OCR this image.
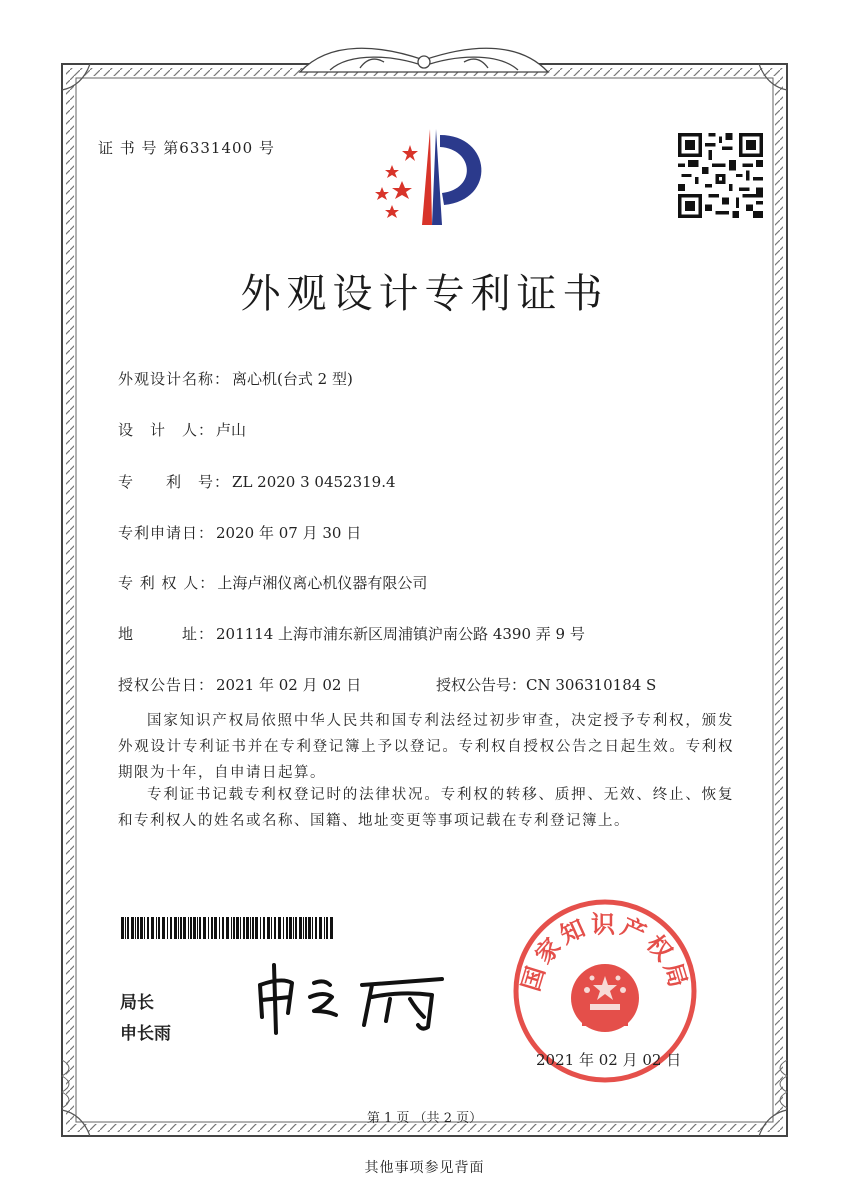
证 书 号 第6331400 号
外观设计专利证书
外观设计名称： 离心机(台式 2 型)
设　计　人： 卢山
专　　利　号： ZL 2020 3 0452319.4
专利申请日： 2020 年 07 月 30 日
专 利 权 人： 上海卢湘仪离心机仪器有限公司
地　　　址： 201114 上海市浦东新区周浦镇沪南公路 4390 弄 9 号
授权公告日： 2021 年 02 月 02 日	授权公告号：CN 306310184 S
国家知识产权局依照中华人民共和国专利法经过初步审查，决定授予专利权，颁发外观设计专利证书并在专利登记簿上予以登记。专利权自授权公告之日起生效。专利权期限为十年，自申请日起算。
专利证书记载专利权登记时的法律状况。专利权的转移、质押、无效、终止、恢复和专利权人的姓名或名称、国籍、地址变更等事项记载在专利登记簿上。
局长
申长雨
国家知识产权局
2021 年 02 月 02 日
第 1 页 （共 2 页）
其他事项参见背面
